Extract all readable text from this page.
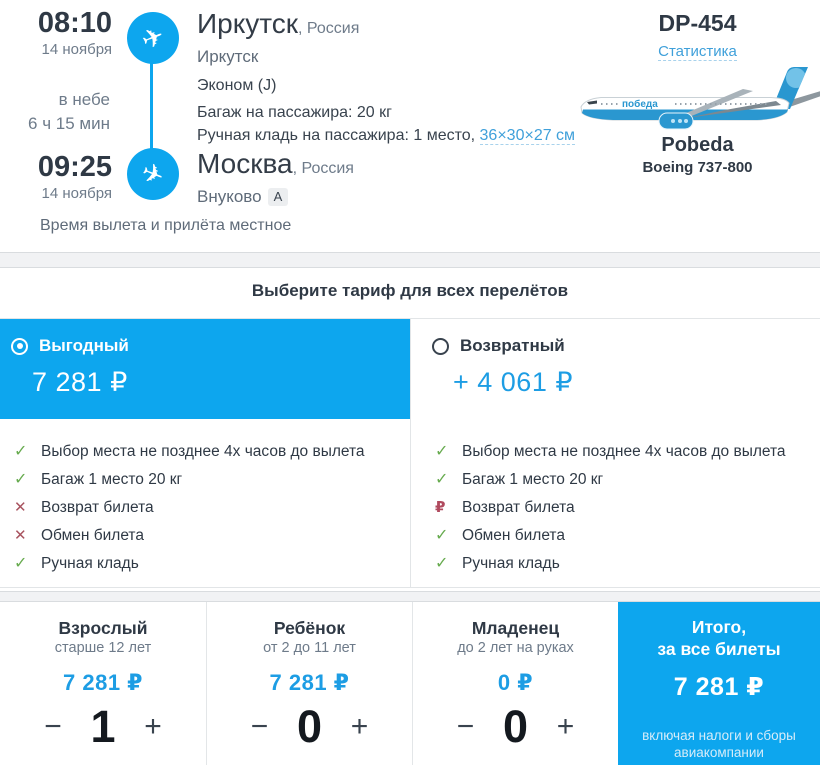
✈
✈
08:10
14 ноября
в небе
6 ч 15 мин
09:25
14 ноября
Иркутск, Россия
Иркутск
Эконом (J)
Багаж на пассажира: 20 кг
Ручная кладь на пассажира: 1 место, 36×30×27 см
Москва, Россия
Внуково A
Время вылета и прилёта местное
DP-454
Статистика
победа
Pobeda
Boeing 737-800
Выберите тариф для всех перелётов
Выгодный
7 281 ₽
✓
Выбор места не позднее 4х часов до вылета
✓
Багаж 1 место 20 кг
✕
Возврат билета
✕
Обмен билета
✓
Ручная кладь
Возвратный
+ 4 061 ₽
✓
Выбор места не позднее 4х часов до вылета
✓
Багаж 1 место 20 кг
₽
Возврат билета
✓
Обмен билета
✓
Ручная кладь
Взрослый
старше 12 лет
7 281 ₽
− 1 +
Ребёнок
от 2 до 11 лет
7 281 ₽
− 0 +
Младенец
до 2 лет на руках
0 ₽
− 0 +
Итого,
за все билеты
7 281 ₽
включая налоги и сборы авиакомпании
